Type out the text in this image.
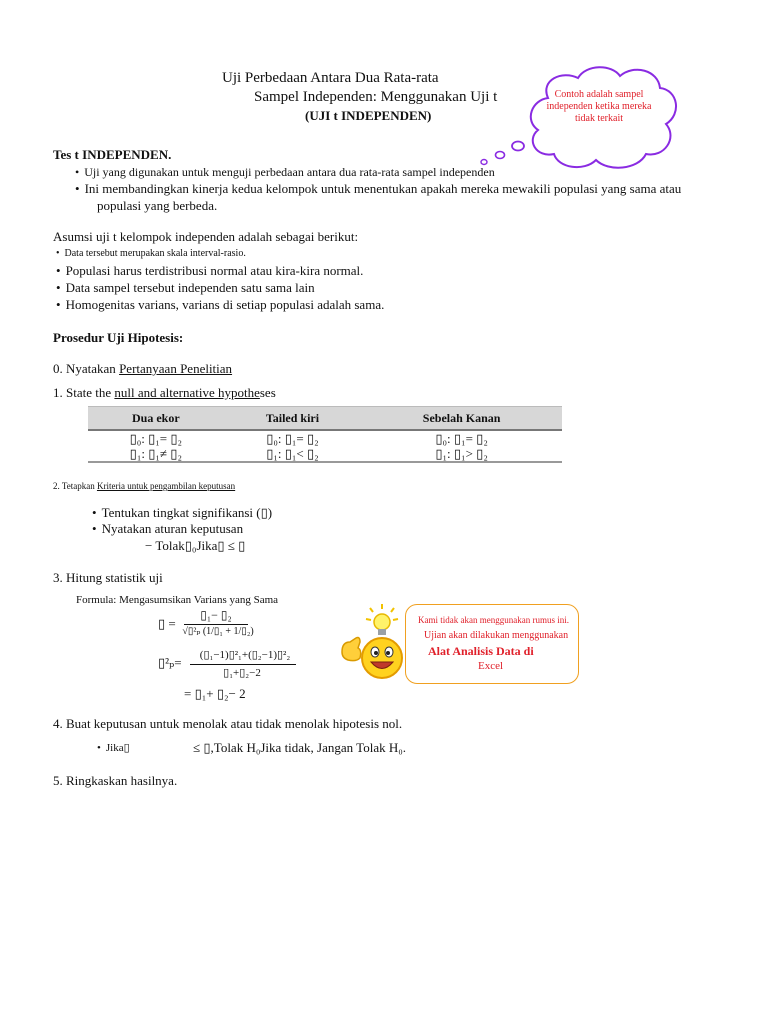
Uji Perbedaan Antara Dua Rata-rata
Sampel Independen: Menggunakan Uji t
(UJI t INDEPENDEN)
Contoh adalah sampel independen ketika mereka tidak terkait
Tes t INDEPENDEN.
• Uji yang digunakan untuk menguji perbedaan antara dua rata-rata sampel independen
• Ini membandingkan kinerja kedua kelompok untuk menentukan apakah mereka mewakili populasi yang sama atau
populasi yang berbeda.
Asumsi uji t kelompok independen adalah sebagai berikut:
• Data tersebut merupakan skala interval-rasio.
• Populasi harus terdistribusi normal atau kira-kira normal.
• Data sampel tersebut independen satu sama lain
• Homogenitas varians, varians di setiap populasi adalah sama.
Prosedur Uji Hipotesis:
0. Nyatakan Pertanyaan Penelitian
1. State the null and alternative hypotheses
Dua ekor	Tailed kiri	Sebelah Kanan
▯₀: ▯₁= ▯₂	▯₀: ▯₁= ▯₂	▯₀: ▯₁= ▯₂
▯₁: ▯₁≠ ▯₂	▯₁: ▯₁< ▯₂	▯₁: ▯₁> ▯₂
2. Tetapkan Kriteria untuk pengambilan keputusan
• Tentukan tingkat signifikansi (▯)
• Nyatakan aturan keputusan
− Tolak▯₀Jika▯ ≤ ▯
3. Hitung statistik uji
Formula: Mengasumsikan Varians yang Sama
▯ =
▯₁− ▯₂
√▯²ₚ (1/▯₁ + 1/▯₂)
▯²ₚ=	(▯₁−1)▯²₁+(▯₂−1)▯²₂
▯₁+▯₂−2
= ▯₁+ ▯₂− 2
Kami tidak akan menggunakan rumus ini.
Ujian akan dilakukan menggunakan
Alat Analisis Data di
Excel
4. Buat keputusan untuk menolak atau tidak menolak hipotesis nol.
• Jika▯	≤ ▯,Tolak H₀Jika tidak, Jangan Tolak H₀.
5. Ringkaskan hasilnya.
